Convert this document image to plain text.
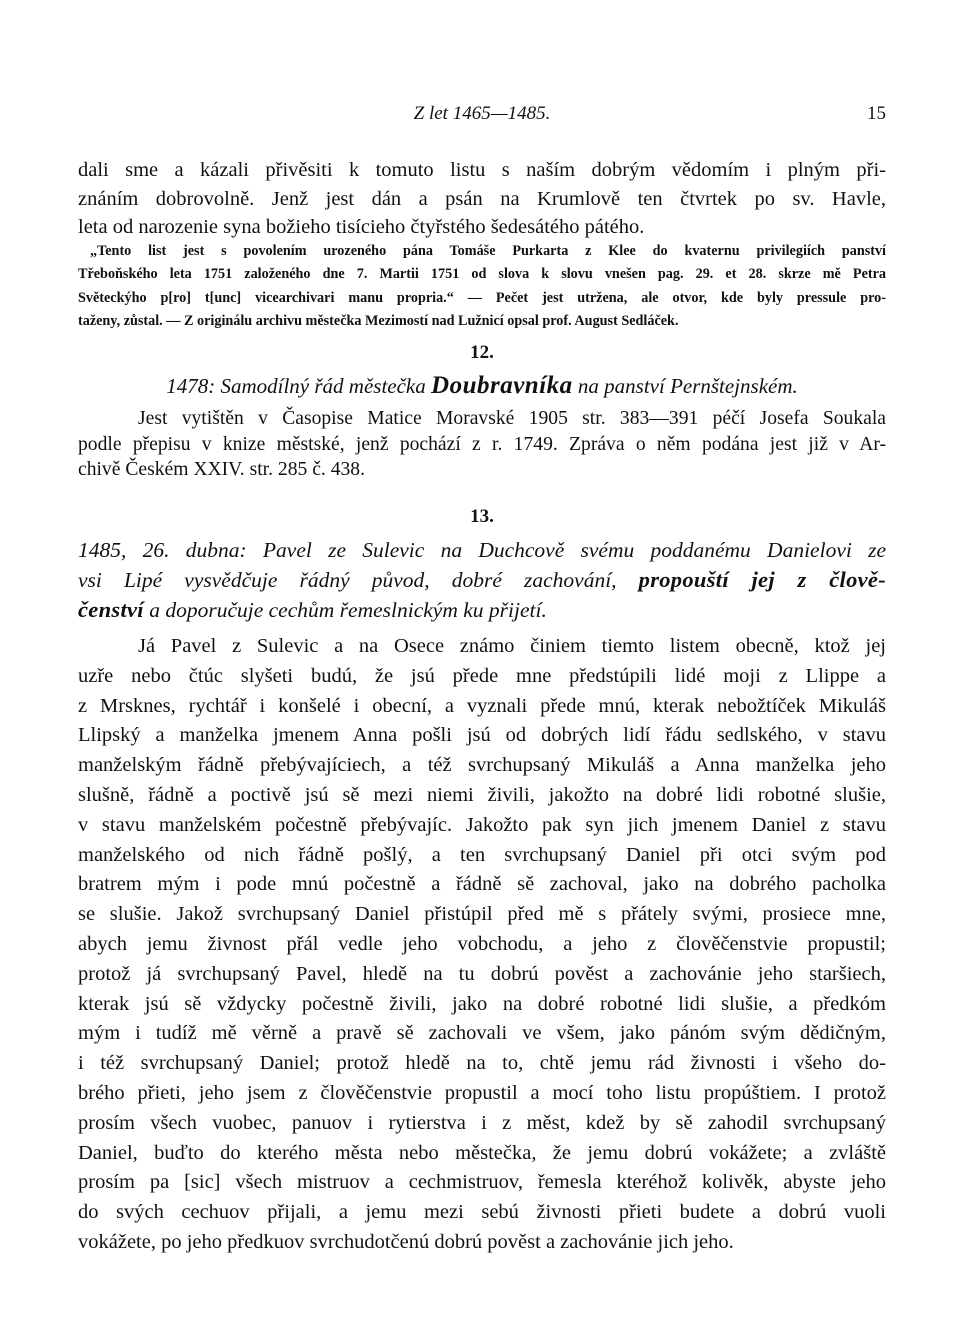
Z let 1465—1485.	15
dali sme a kázali přivěsiti k tomuto listu s naším dobrým vědomím i plným při-
znáním dobrovolně. Jenž jest dán a psán na Krumlově ten čtvrtek po sv. Havle,
leta od narozenie syna božieho tisícieho čtyřstého šedesátého pátého.
„Tento list jest s povolením urozeného pána Tomáše Purkarta z Klee do kvaternu privilegiích panství
Třeboňského leta 1751 založeného dne 7. Martii 1751 od slova k slovu vnešen pag. 29. et 28. skrze mě Petra
Světeckýho p[ro] t[unc] vicearchivari manu propria.“ — Pečet jest utržena, ale otvor, kde byly pressule pro-
taženy, zůstal. — Z originálu archivu městečka Mezimostí nad Lužnicí opsal prof. August Sedláček.
12.
1478: Samodílný řád městečka Doubravníka na panství Pernštejnském.
Jest vytištěn v Časopise Matice Moravské 1905 str. 383—391 péčí Josefa Soukala
podle přepisu v knize městské, jenž pochází z r. 1749. Zpráva o něm podána jest již v Ar-
chivě Českém XXIV. str. 285 č. 438.
13.
1485, 26. dubna: Pavel ze Sulevic na Duchcově svému poddanému Danielovi ze
vsi Lipé vysvědčuje řádný původ, dobré zachování, propouští jej z člově-
čenství a doporučuje cechům řemeslnickým ku přijetí.
Já Pavel z Sulevic a na Osece známo činiem tiemto listem obecně, ktož jej
uzře nebo čtúc slyšeti budú, že jsú přede mne předstúpili lidé moji z Llippe a
z Mrsknes, rychtář i konšelé i obecní, a vyznali přede mnú, kterak nebožtíček Mikuláš
Llipský a manželka jmenem Anna pošli jsú od dobrých lidí řádu sedlského, v stavu
manželským řádně přebývajíciech, a též svrchupsaný Mikuláš a Anna manželka jeho
slušně, řádně a poctivě jsú sě mezi niemi živili, jakožto na dobré lidi robotné slušie,
v stavu manželském počestně přebývajíc. Jakožto pak syn jich jmenem Daniel z stavu
manželského od nich řádně pošlý, a ten svrchupsaný Daniel při otci svým pod
bratrem mým i pode mnú počestně a řádně sě zachoval, jako na dobrého pacholka
se slušie. Jakož svrchupsaný Daniel přistúpil před mě s přátely svými, prosiece mne,
abych jemu živnost přál vedle jeho vobchodu, a jeho z člověčenstvie propustil;
protož já svrchupsaný Pavel, hledě na tu dobrú pověst a zachovánie jeho staršiech,
kterak jsú sě vždycky počestně živili, jako na dobré robotné lidi slušie, a předkóm
mým i tudíž mě věrně a pravě sě zachovali ve všem, jako pánóm svým dědičným,
i též svrchupsaný Daniel; protož hledě na to, chtě jemu rád živnosti i všeho do-
brého přieti, jeho jsem z člověčenstvie propustil a mocí toho listu propúštiem. I protož
prosím všech vuobec, panuov i rytierstva i z měst, kdež by sě zahodil svrchupsaný
Daniel, buďto do kterého města nebo městečka, že jemu dobrú vokážete; a zvláště
prosím pa [sic] všech mistruov a cechmistruov, řemesla kteréhož kolivěk, abyste jeho
do svých cechuov přijali, a jemu mezi sebú živnosti přieti budete a dobrú vuoli
vokážete, po jeho předkuov svrchudotčenú dobrú pověst a zachovánie jich jeho.
